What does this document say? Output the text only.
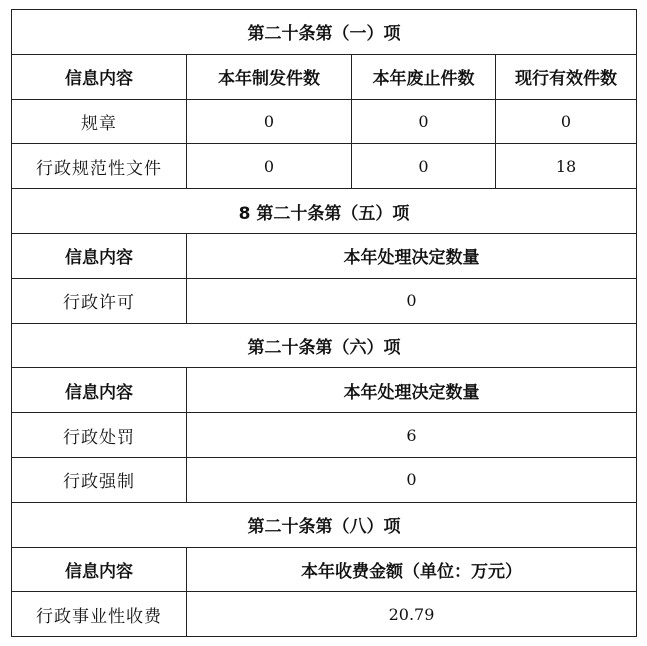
第二十条第（一）项			
信息内容	本年制发件数	本年废止件数	现行有效件数
规章	0	0	0
行政规范性文件	0	0	18
8 第二十条第（五）项			
信息内容	本年处理决定数量		
行政许可	0		
第二十条第（六）项			
信息内容	本年处理决定数量		
行政处罚	6		
行政强制	0		
第二十条第（八）项			
信息内容	本年收费金额（单位：万元）		
行政事业性收费	20.79		
